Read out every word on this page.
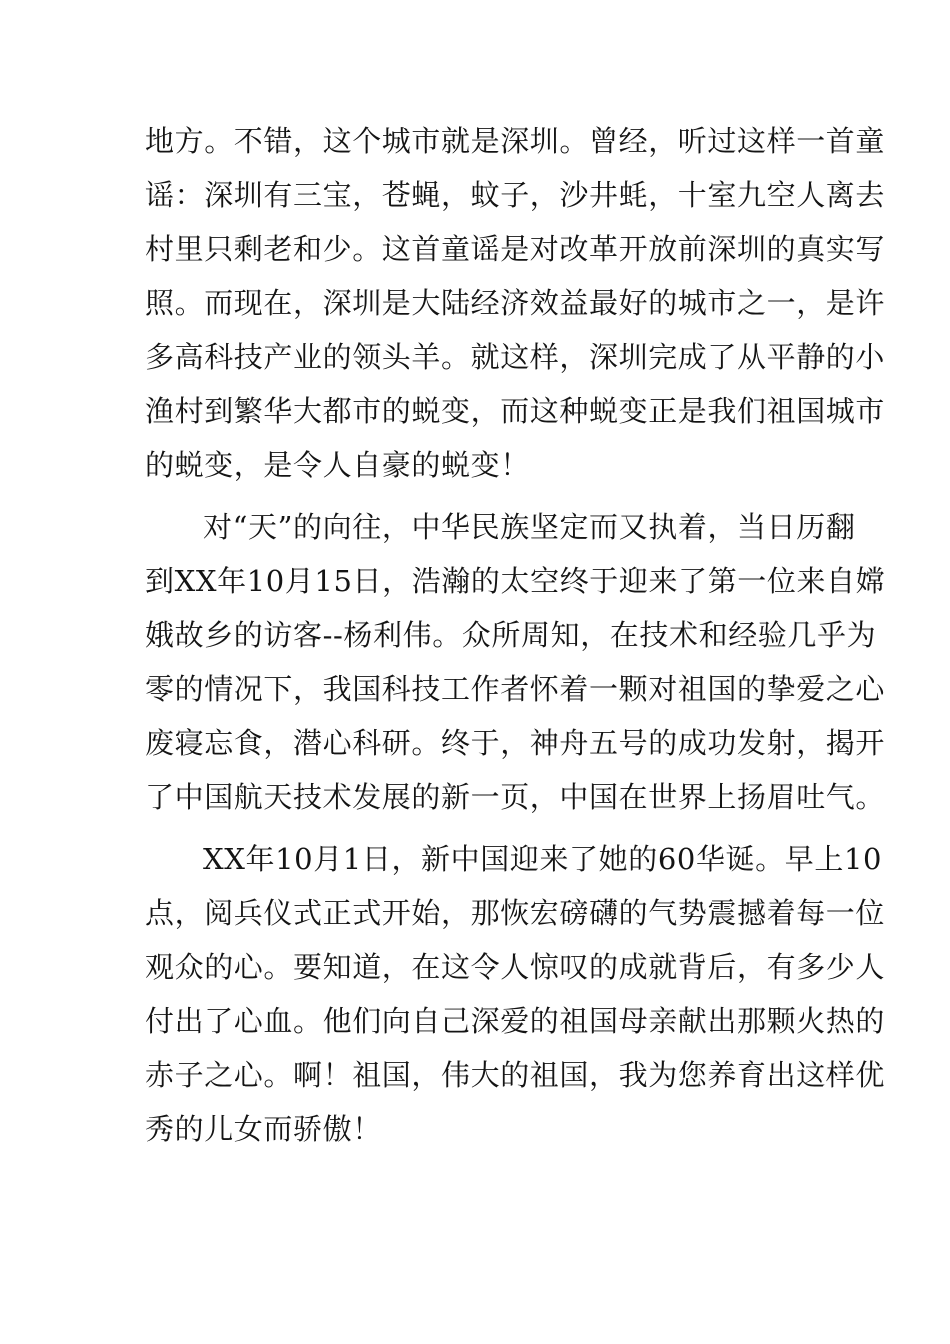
地方。不错，这个城市就是深圳。曾经，听过这样一首童
谣：深圳有三宝，苍蝇，蚊子，沙井蚝，十室九空人离去
村里只剩老和少。这首童谣是对改革开放前深圳的真实写
照。而现在，深圳是大陆经济效益最好的城市之一，是许
多高科技产业的领头羊。就这样，深圳完成了从平静的小
渔村到繁华大都市的蜕变，而这种蜕变正是我们祖国城市
的蜕变，是令人自豪的蜕变！
对“天”的向往，中华民族坚定而又执着，当日历翻
到XX年10月15日，浩瀚的太空终于迎来了第一位来自嫦
娥故乡的访客--杨利伟。众所周知，在技术和经验几乎为
零的情况下，我国科技工作者怀着一颗对祖国的挚爱之心
废寝忘食，潜心科研。终于，神舟五号的成功发射，揭开
了中国航天技术发展的新一页，中国在世界上扬眉吐气。
XX年10月1日，新中国迎来了她的60华诞。早上10
点，阅兵仪式正式开始，那恢宏磅礴的气势震撼着每一位
观众的心。要知道，在这令人惊叹的成就背后，有多少人
付出了心血。他们向自己深爱的祖国母亲献出那颗火热的
赤子之心。啊！祖国，伟大的祖国，我为您养育出这样优
秀的儿女而骄傲！
